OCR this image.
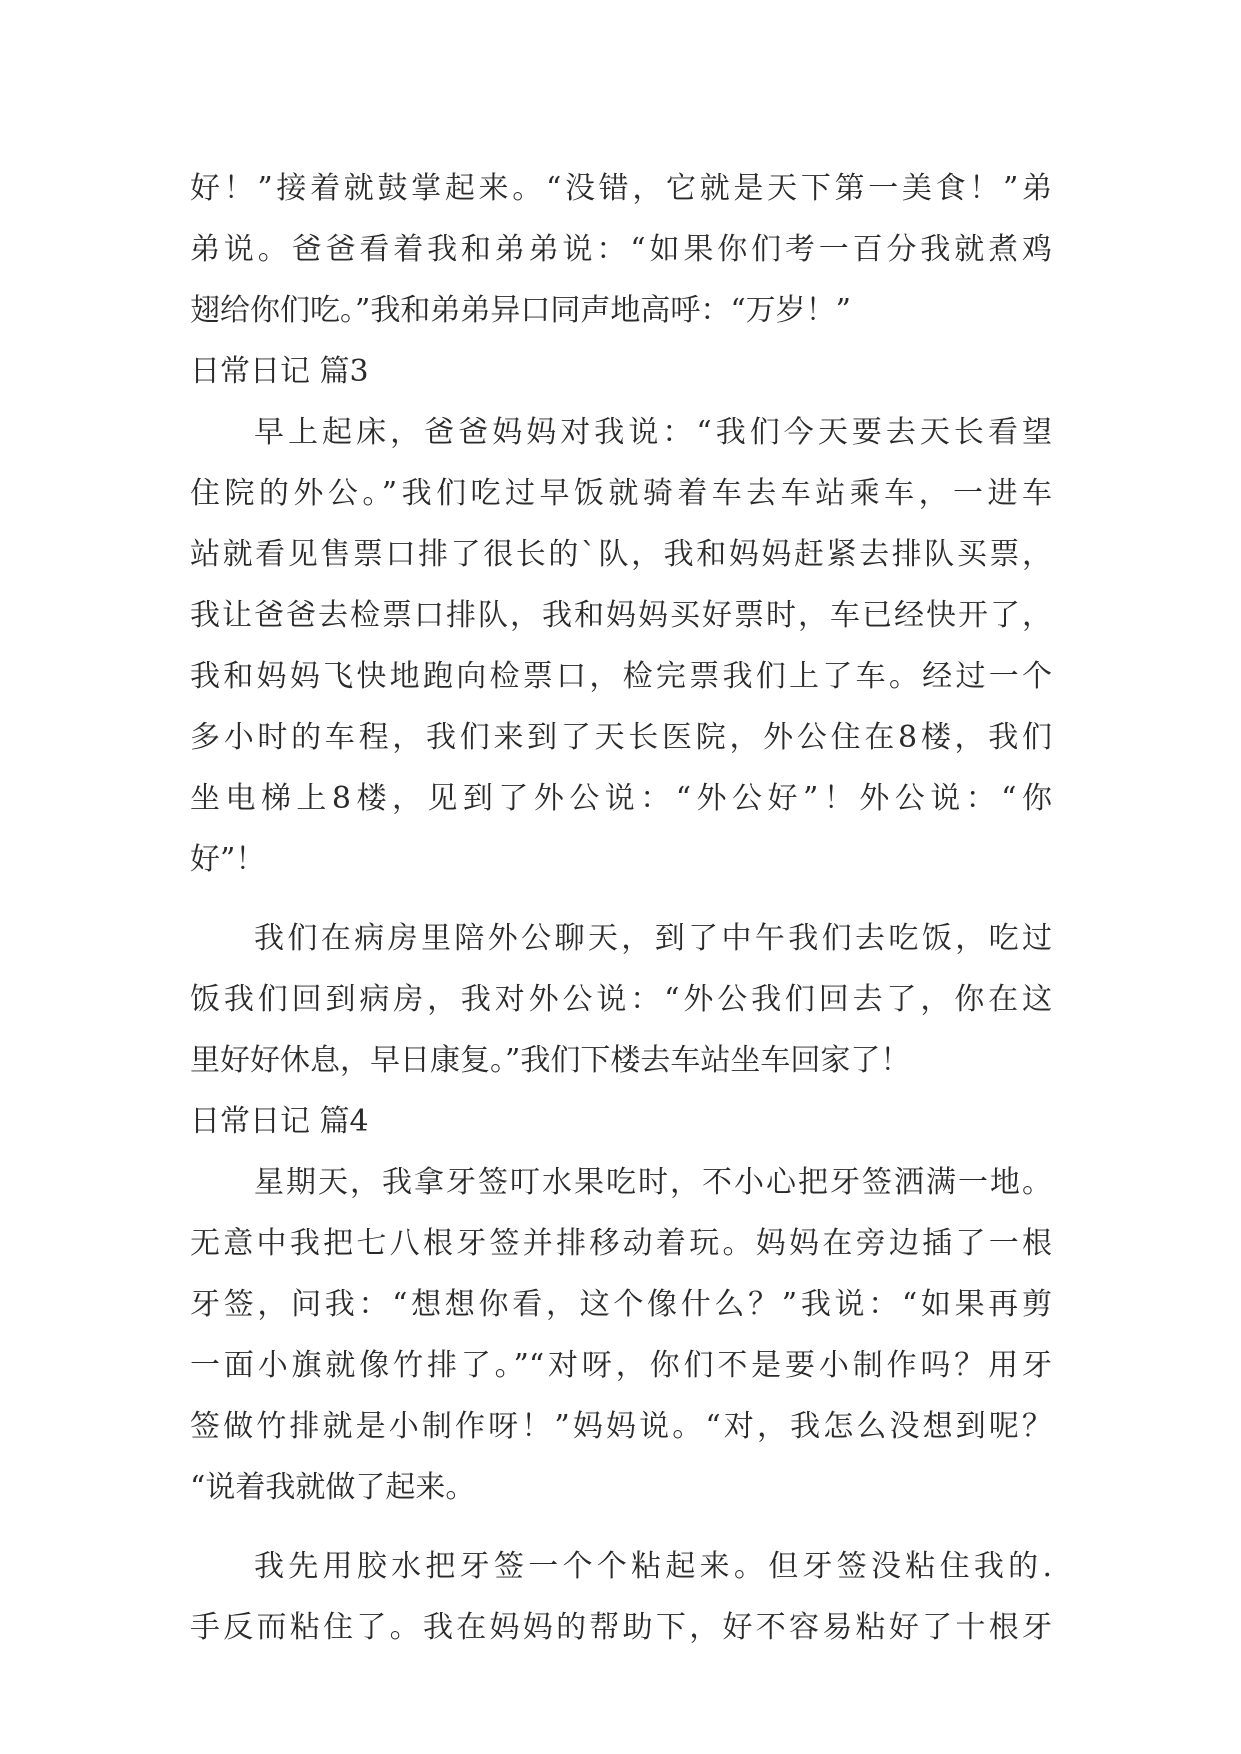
好！”接着就鼓掌起来。“没错，它就是天下第一美食！”弟
弟说。爸爸看着我和弟弟说：“如果你们考一百分我就煮鸡
翅给你们吃。”我和弟弟异口同声地高呼：“万岁！”
日常日记 篇3
早上起床，爸爸妈妈对我说：“我们今天要去天长看望
住院的外公。”我们吃过早饭就骑着车去车站乘车，一进车
站就看见售票口排了很长的`队，我和妈妈赶紧去排队买票，
我让爸爸去检票口排队，我和妈妈买好票时，车已经快开了，
我和妈妈飞快地跑向检票口，检完票我们上了车。经过一个
多小时的车程，我们来到了天长医院，外公住在8楼，我们
坐电梯上8楼，见到了外公说：“外公好”！外公说：“你
好”！
我们在病房里陪外公聊天，到了中午我们去吃饭，吃过
饭我们回到病房，我对外公说：“外公我们回去了，你在这
里好好休息，早日康复。”我们下楼去车站坐车回家了！
日常日记 篇4
星期天，我拿牙签叮水果吃时，不小心把牙签洒满一地。
无意中我把七八根牙签并排移动着玩。妈妈在旁边插了一根
牙签，问我：“想想你看，这个像什么？”我说：“如果再剪
一面小旗就像竹排了。”“对呀，你们不是要小制作吗？用牙
签做竹排就是小制作呀！”妈妈说。“对，我怎么没想到呢？
“说着我就做了起来。
我先用胶水把牙签一个个粘起来。但牙签没粘住我的.
手反而粘住了。我在妈妈的帮助下，好不容易粘好了十根牙
